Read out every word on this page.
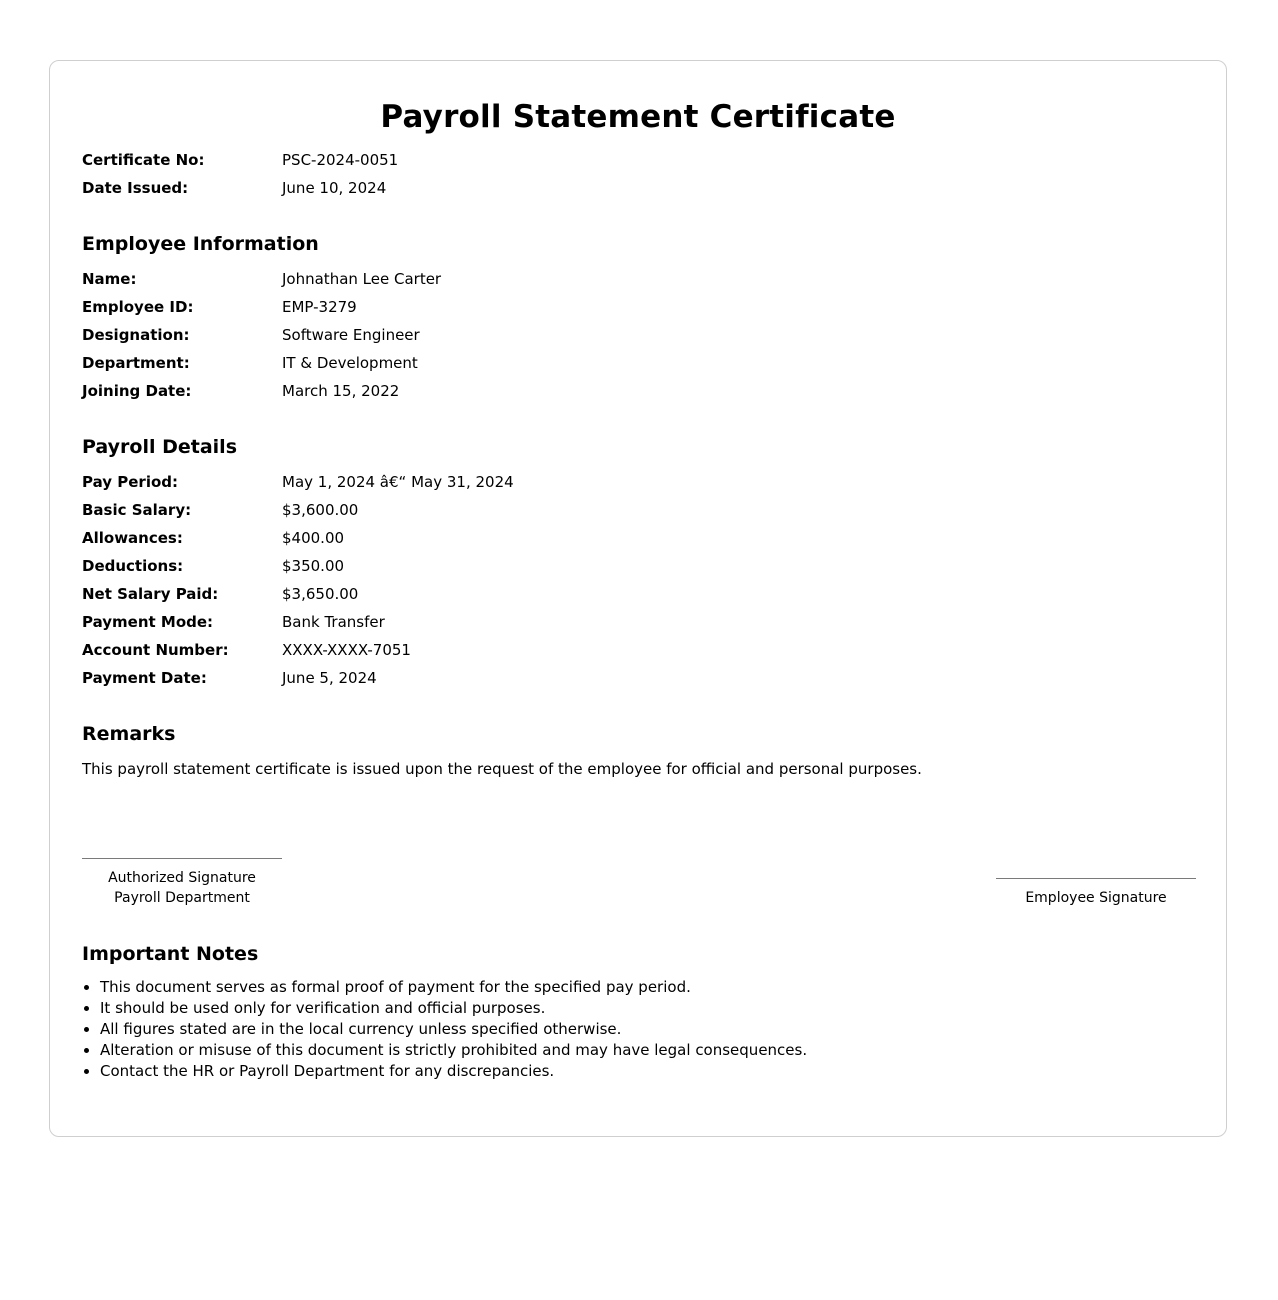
Payroll Statement Certificate
Certificate No:	PSC-2024-0051
Date Issued:	June 10, 2024
Employee Information
Name:	Johnathan Lee Carter
Employee ID:	EMP-3279
Designation:	Software Engineer
Department:	IT & Development
Joining Date:	March 15, 2022
Payroll Details
Pay Period:	May 1, 2024 â€“ May 31, 2024
Basic Salary:	$3,600.00
Allowances:	$400.00
Deductions:	$350.00
Net Salary Paid:	$3,650.00
Payment Mode:	Bank Transfer
Account Number:	XXXX-XXXX-7051
Payment Date:	June 5, 2024
Remarks
This payroll statement certificate is issued upon the request of the employee for official and personal purposes.
Authorized Signature
Payroll Department	Employee Signature
Important Notes
• This document serves as formal proof of payment for the specified pay period.
• It should be used only for verification and official purposes.
• All figures stated are in the local currency unless specified otherwise.
• Alteration or misuse of this document is strictly prohibited and may have legal consequences.
• Contact the HR or Payroll Department for any discrepancies.
